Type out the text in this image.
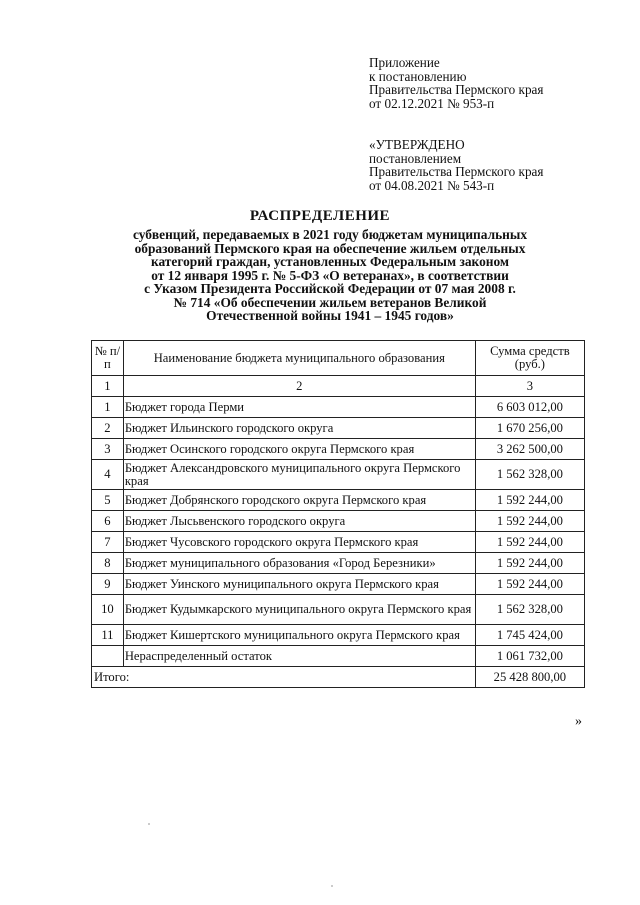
Приложение
к постановлению
Правительства Пермского края
от 02.12.2021 № 953-п
«УТВЕРЖДЕНО
постановлением
Правительства Пермского края
от 04.08.2021 № 543-п
РАСПРЕДЕЛЕНИЕ
субвенций, передаваемых в 2021 году бюджетам муниципальных
образований Пермского края на обеспечение жильем отдельных
категорий граждан, установленных Федеральным законом
от 12 января 1995 г. № 5-ФЗ «О ветеранах», в соответствии
с Указом Президента Российской Федерации от 07 мая 2008 г.
№ 714 «Об обеспечении жильем ветеранов Великой
Отечественной войны 1941 – 1945 годов»
№ п/п	Наименование бюджета муниципального образования	Сумма средств (руб.)
1	2	3
1	Бюджет города Перми	6 603 012,00
2	Бюджет Ильинского городского округа	1 670 256,00
3	Бюджет Осинского городского округа Пермского края	3 262 500,00
4	Бюджет Александровского муниципального округа Пермского края	1 562 328,00
5	Бюджет Добрянского городского округа Пермского края	1 592 244,00
6	Бюджет Лысьвенского городского округа	1 592 244,00
7	Бюджет Чусовского городского округа Пермского края	1 592 244,00
8	Бюджет муниципального образования «Город Березники»	1 592 244,00
9	Бюджет Уинского муниципального округа Пермского края	1 592 244,00
10	Бюджет Кудымкарского муниципального округа Пермского края	1 562 328,00
11	Бюджет Кишертского муниципального округа Пермского края	1 745 424,00
	Нераспределенный остаток	1 061 732,00
Итого:		25 428 800,00
»
